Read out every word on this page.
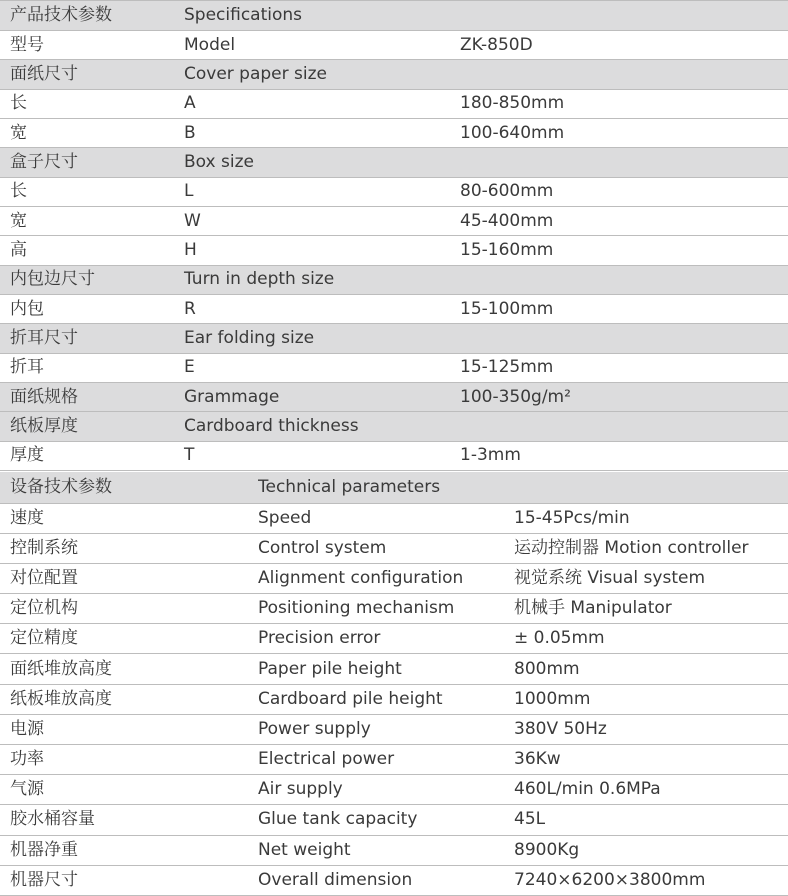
产品技术参数	Specifications	
型号	Model	ZK-850D
面纸尺寸	Cover paper size	
长	A	180-850mm
宽	B	100-640mm
盒子尺寸	Box size	
长	L	80-600mm
宽	W	45-400mm
高	H	15-160mm
内包边尺寸	Turn in depth size	
内包	R	15-100mm
折耳尺寸	Ear folding size	
折耳	E	15-125mm
面纸规格	Grammage	100-350g/m²
纸板厚度	Cardboard thickness	
厚度	T	1-3mm
设备技术参数	Technical parameters	
速度	Speed	15-45Pcs/min
控制系统	Control system	运动控制器 Motion controller
对位配置	Alignment configuration	视觉系统 Visual system
定位机构	Positioning mechanism	机械手 Manipulator
定位精度	Precision error	± 0.05mm
面纸堆放高度	Paper pile height	800mm
纸板堆放高度	Cardboard pile height	1000mm
电源	Power supply	380V 50Hz
功率	Electrical power	36Kw
气源	Air supply	460L/min 0.6MPa
胶水桶容量	Glue tank capacity	45L
机器净重	Net weight	8900Kg
机器尺寸	Overall dimension	7240×6200×3800mm
